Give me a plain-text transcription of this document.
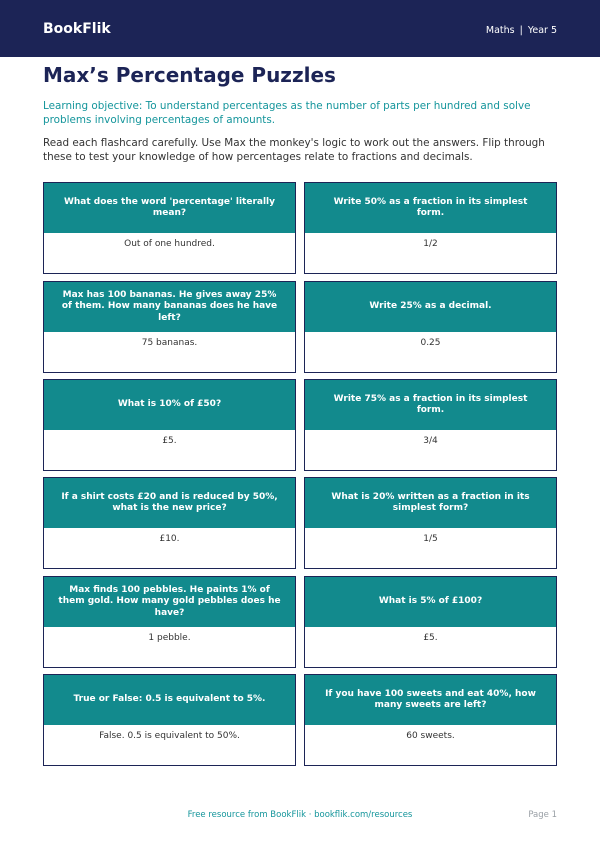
BookFlik	Maths | Year 5
Max’s Percentage Puzzles
Learning objective: To understand percentages as the number of parts per hundred and solve problems involving percentages of amounts.
Read each flashcard carefully. Use Max the monkey's logic to work out the answers. Flip through these to test your knowledge of how percentages relate to fractions and decimals.
What does the word 'percentage' literally mean?
Out of one hundred.
Write 50% as a fraction in its simplest form.
1/2
Max has 100 bananas. He gives away 25% of them. How many bananas does he have left?
75 bananas.
Write 25% as a decimal.
0.25
What is 10% of £50?
£5.
Write 75% as a fraction in its simplest form.
3/4
If a shirt costs £20 and is reduced by 50%, what is the new price?
£10.
What is 20% written as a fraction in its simplest form?
1/5
Max finds 100 pebbles. He paints 1% of them gold. How many gold pebbles does he have?
1 pebble.
What is 5% of £100?
£5.
True or False: 0.5 is equivalent to 5%.
False. 0.5 is equivalent to 50%.
If you have 100 sweets and eat 40%, how many sweets are left?
60 sweets.
Free resource from BookFlik · bookflik.com/resources	Page 1
